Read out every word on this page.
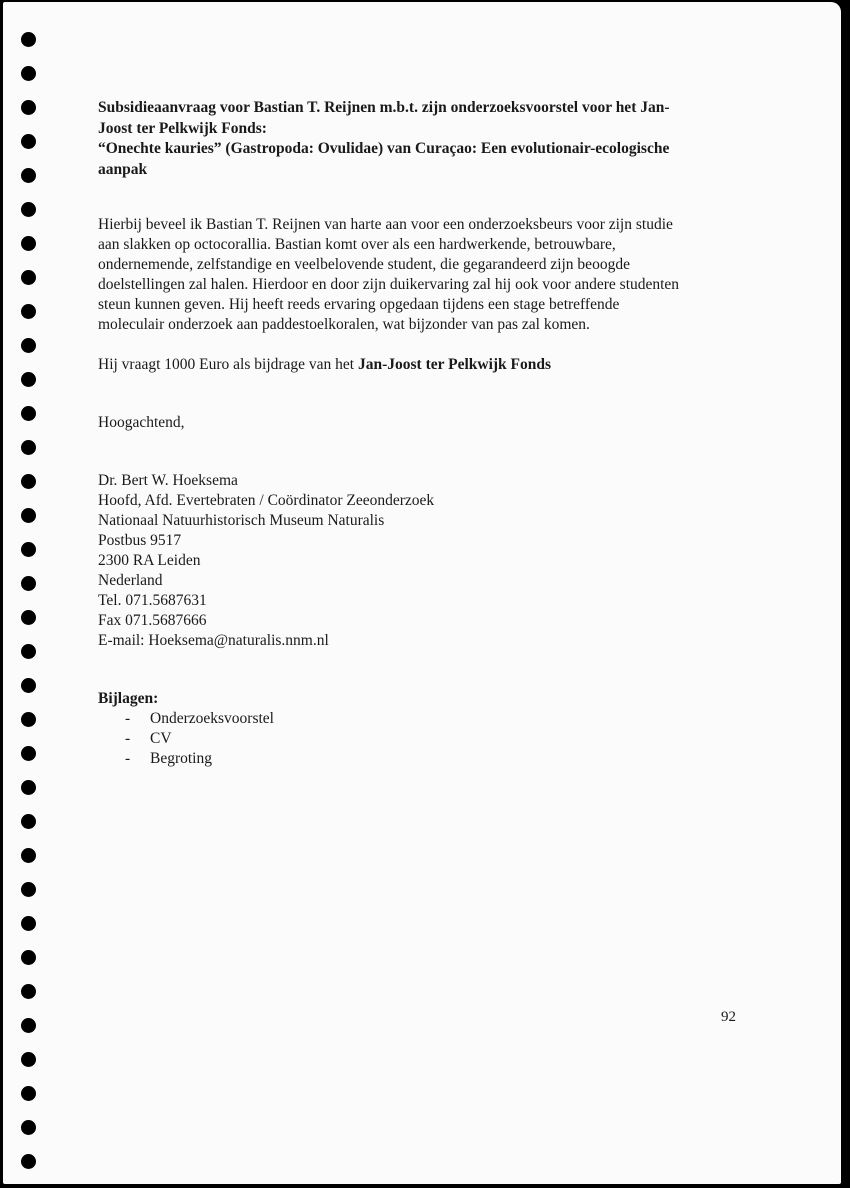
Subsidieaanvraag voor Bastian T. Reijnen m.b.t. zijn onderzoeksvoorstel voor het Jan-
Joost ter Pelkwijk Fonds:
“Onechte kauries” (Gastropoda: Ovulidae) van Curaçao: Een evolutionair-ecologische
aanpak

Hierbij beveel ik Bastian T. Reijnen van harte aan voor een onderzoeksbeurs voor zijn studie

aan slakken op octocorallia. Bastian komt over als een hardwerkende, betrouwbare,

ondernemende, zelfstandige en veelbelovende student, die gegarandeerd zijn beoogde

doelstellingen zal halen. Hierdoor en door zijn duikervaring zal hij ook voor andere studenten

steun kunnen geven. Hij heeft reeds ervaring opgedaan tijdens een stage betreffende

moleculair onderzoek aan paddestoelkoralen, wat bijzonder van pas zal komen.

Hij vraagt 1000 Euro als bijdrage van het Jan-Joost ter Pelkwijk Fonds
Hoogachtend,
Dr. Bert W. Hoeksema
Hoofd, Afd. Evertebraten / Coördinator Zeeonderzoek
Nationaal Natuurhistorisch Museum Naturalis
Postbus 9517
2300 RA Leiden
Nederland
Tel. 071.5687631
Fax 071.5687666
E-mail: Hoeksema@naturalis.nnm.nl
Bijlagen:
- Onderzoeksvoorstel
- CV
- Begroting
92
